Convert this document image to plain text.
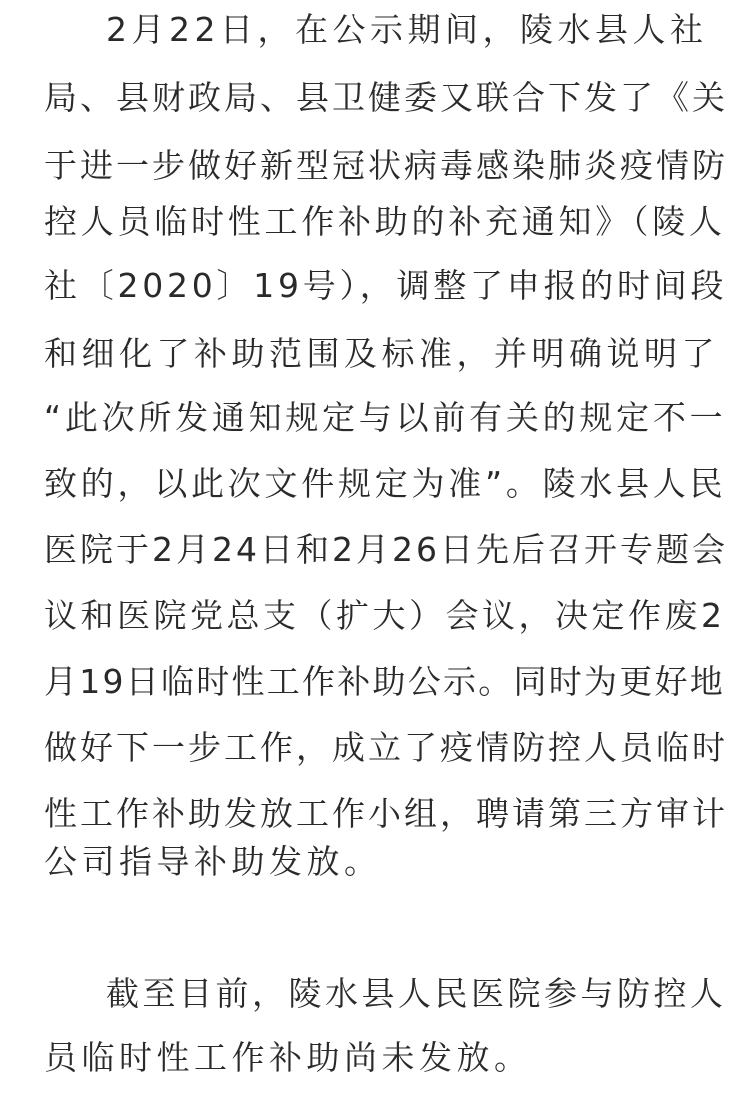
2月22日，在公示期间，陵水县人社
局、县财政局、县卫健委又联合下发了《关
于进一步做好新型冠状病毒感染肺炎疫情防
控人员临时性工作补助的补充通知》（陵人
社〔2020〕19号），调整了申报的时间段
和细化了补助范围及标准，并明确说明了
“此次所发通知规定与以前有关的规定不一
致的，以此次文件规定为准”。陵水县人民
医院于2月24日和2月26日先后召开专题会
议和医院党总支（扩大）会议，决定作废2
月19日临时性工作补助公示。同时为更好地
做好下一步工作，成立了疫情防控人员临时
性工作补助发放工作小组，聘请第三方审计
公司指导补助发放。
截至目前，陵水县人民医院参与防控人
员临时性工作补助尚未发放。
